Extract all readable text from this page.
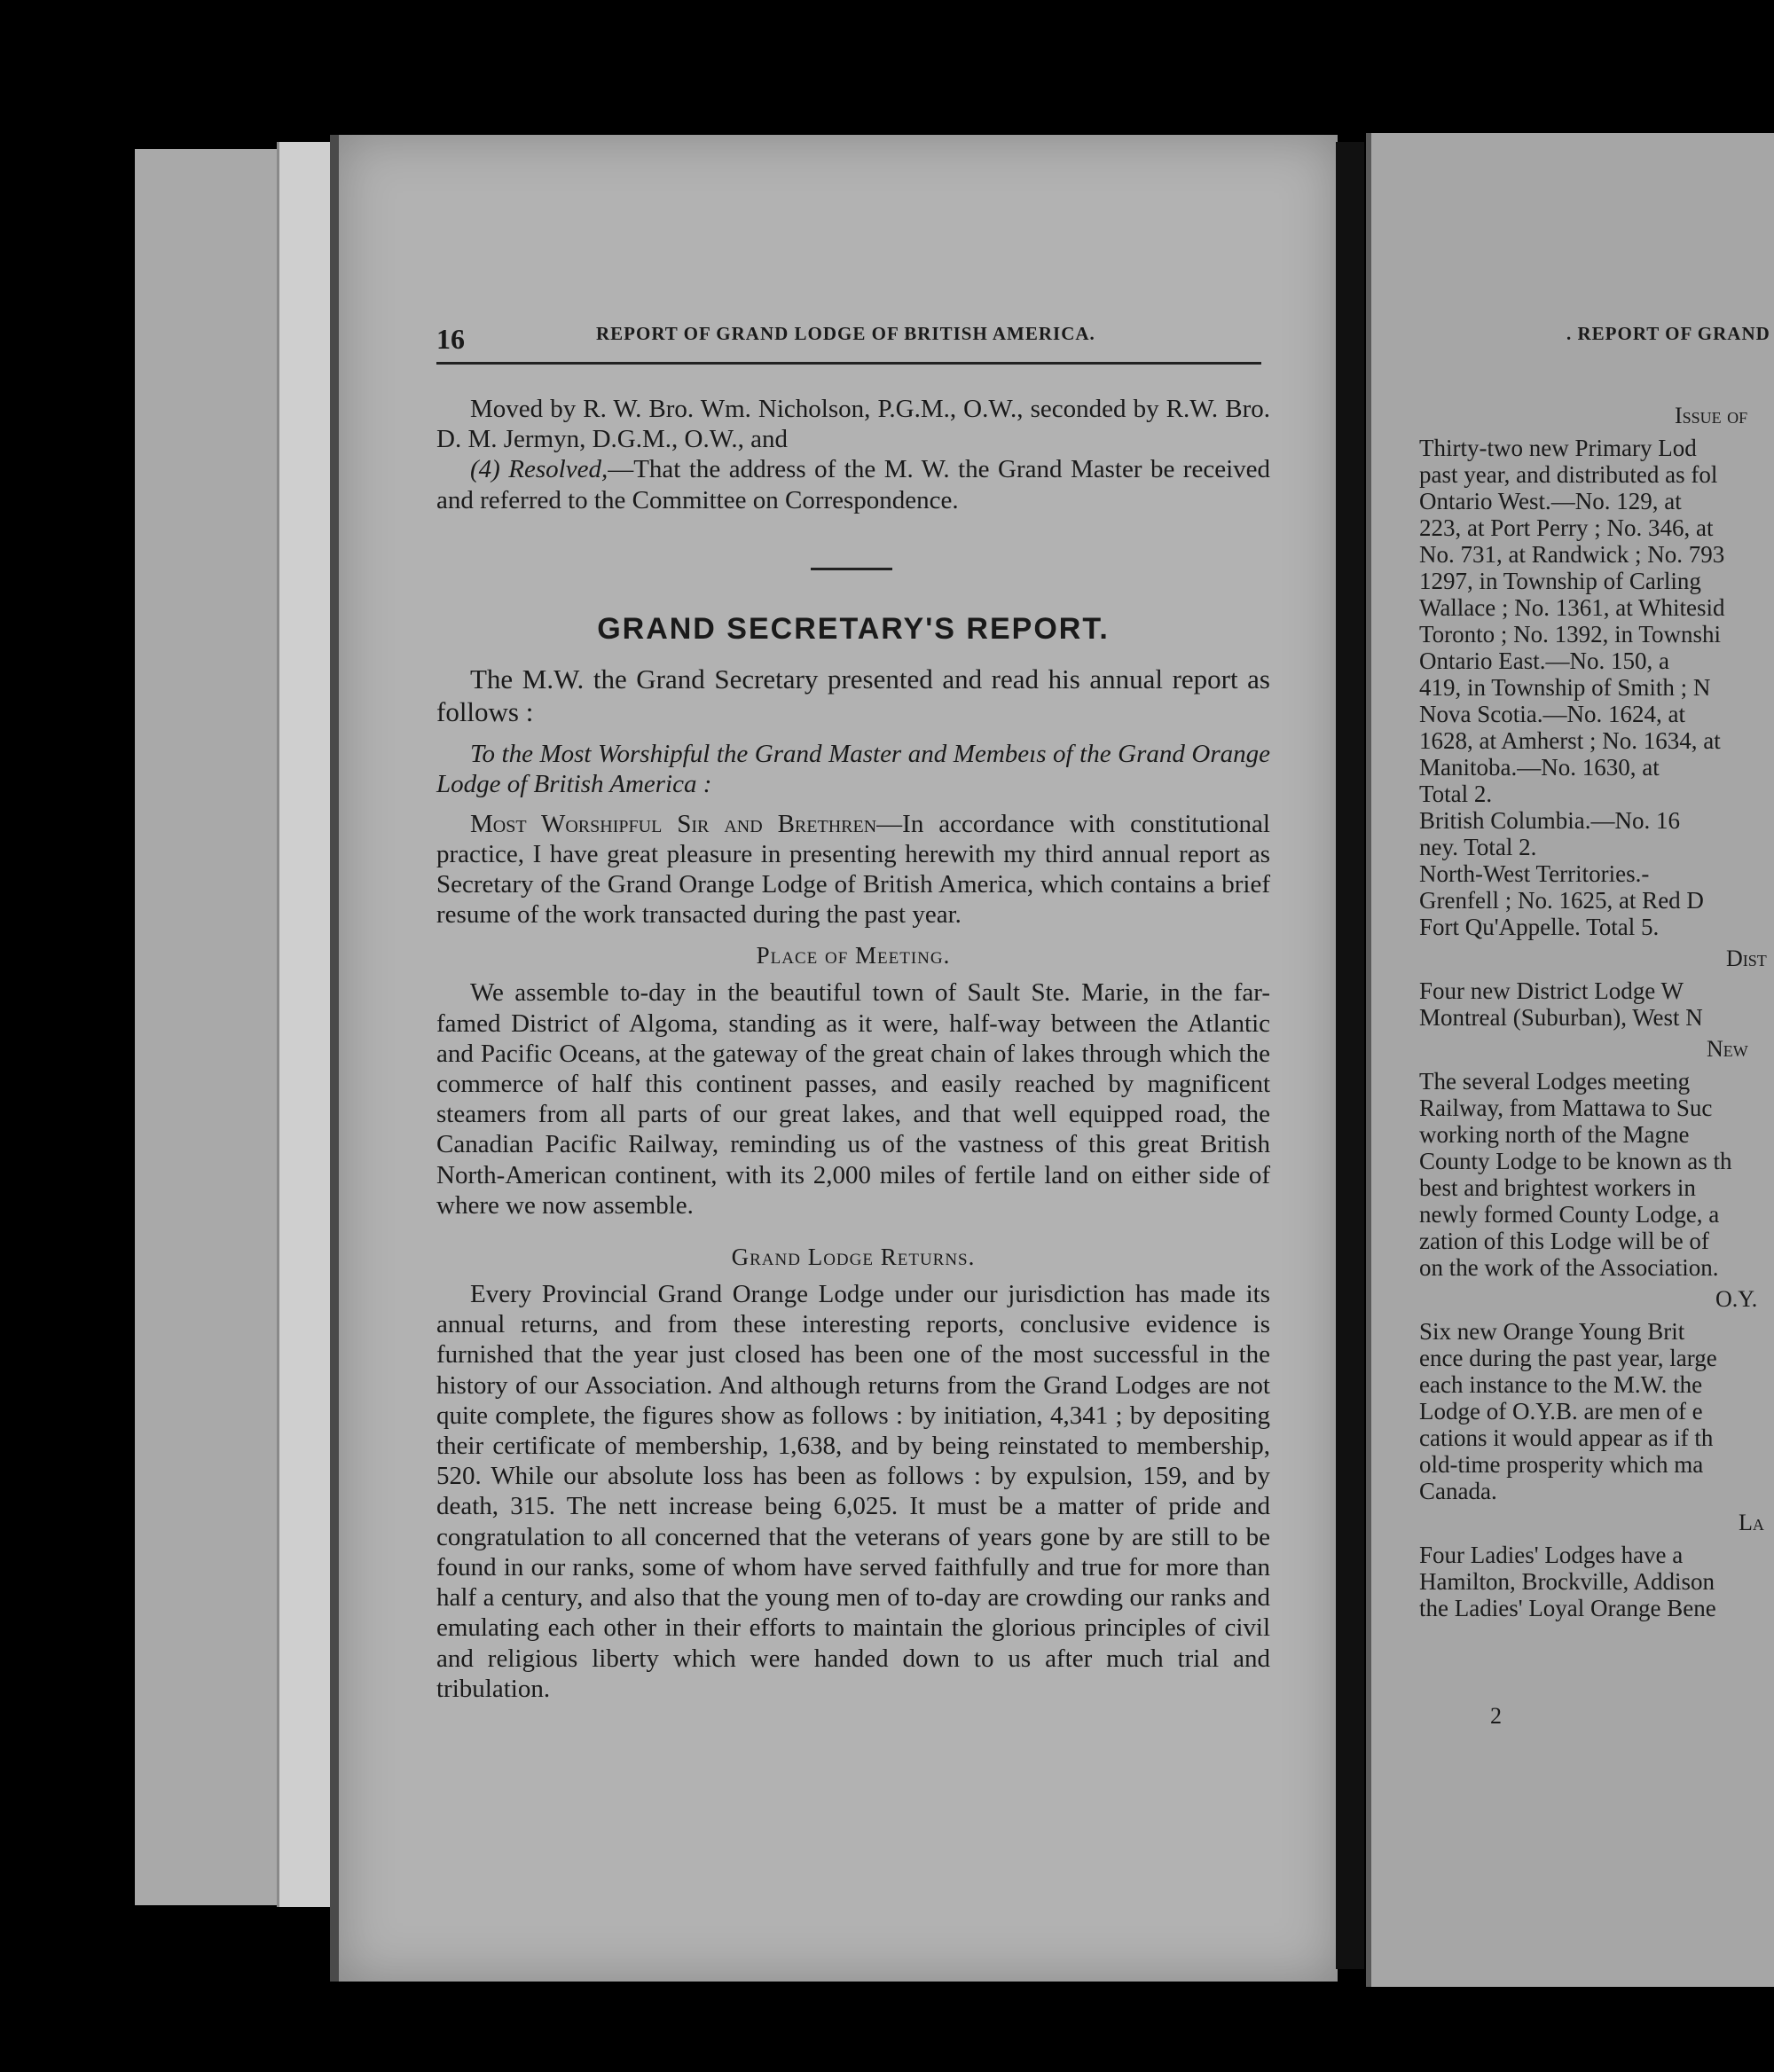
16	REPORT OF GRAND LODGE OF BRITISH AMERICA.

Moved by R. W. Bro. Wm. Nicholson, P.G.M., O.W., seconded by R.W. Bro. D. M. Jermyn, D.G.M., O.W., and

(4) Resolved,—That the address of the M. W. the Grand Master be received and referred to the Committee on Correspondence.

GRAND SECRETARY'S REPORT.

The M.W. the Grand Secretary presented and read his annual report as follows :

To the Most Worshipful the Grand Master and Membeıs of the Grand Orange Lodge of British America :

Most Worshipful Sir and Brethren—In accordance with constitutional practice, I have great pleasure in presenting herewith my third annual report as Secretary of the Grand Orange Lodge of British America, which contains a brief resume of the work transacted during the past year.

Place of Meeting.

We assemble to-day in the beautiful town of Sault Ste. Marie, in the far-famed District of Algoma, standing as it were, half-way between the Atlantic and Pacific Oceans, at the gateway of the great chain of lakes through which the commerce of half this continent passes, and easily reached by magnificent steamers from all parts of our great lakes, and that well equipped road, the Canadian Pacific Railway, reminding us of the vastness of this great British North-American continent, with its 2,000 miles of fertile land on either side of where we now assemble.

Grand Lodge Returns.

Every Provincial Grand Orange Lodge under our jurisdiction has made its annual returns, and from these interesting reports, conclusive evidence is furnished that the year just closed has been one of the most successful in the history of our Association. And although returns from the Grand Lodges are not quite complete, the figures show as follows : by initiation, 4,341 ; by depositing their certificate of membership, 1,638, and by being reinstated to membership, 520. While our absolute loss has been as follows : by expulsion, 159, and by death, 315. The nett increase being 6,025. It must be a matter of pride and congratulation to all concerned that the veterans of years gone by are still to be found in our ranks, some of whom have served faithfully and true for more than half a century, and also that the young men of to-day are crowding our ranks and emulating each other in their efforts to maintain the glorious principles of civil and religious liberty which were handed down to us after much trial and tribulation.

. REPORT OF GRAND
Issue of
Thirty-two new Primary Lod
past year, and distributed as fol
Ontario West.—No. 129, at
223, at Port Perry ; No. 346, at
No. 731, at Randwick ; No. 793
1297, in Township of Carling
Wallace ; No. 1361, at Whitesid
Toronto ; No. 1392, in Townshi
Ontario East.—No. 150, a
419, in Township of Smith ; N
Nova Scotia.—No. 1624, at
1628, at Amherst ; No. 1634, at
Manitoba.—No. 1630, at
Total 2.
British Columbia.—No. 16
ney. Total 2.
North-West Territories.-
Grenfell ; No. 1625, at Red D
Fort Qu'Appelle. Total 5.
Dist
Four new District Lodge W
Montreal (Suburban), West N
New
The several Lodges meeting
Railway, from Mattawa to Suc
working north of the Magne
County Lodge to be known as th
best and brightest workers in
newly formed County Lodge, a
zation of this Lodge will be of
on the work of the Association.
O.Y.
Six new Orange Young Brit
ence during the past year, large
each instance to the M.W. the
Lodge of O.Y.B. are men of e
cations it would appear as if th
old-time prosperity which ma
Canada.
La
Four Ladies' Lodges have a
Hamilton, Brockville, Addison
the Ladies' Loyal Orange Bene
2
